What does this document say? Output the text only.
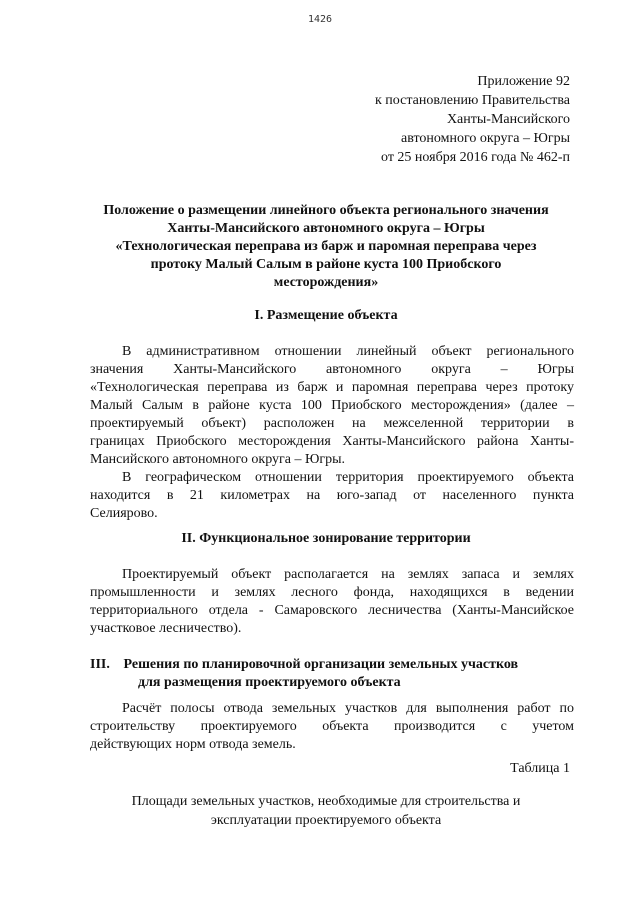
1426
Приложение 92
к постановлению Правительства
Ханты-Мансийского
автономного округа – Югры
от 25 ноября 2016 года № 462-п
Положение о размещении линейного объекта регионального значения
Ханты-Мансийского автономного округа – Югры
«Технологическая переправа из барж и паромная переправа через
протоку Малый Салым в районе куста 100 Приобского
месторождения»
I. Размещение объекта
В административном отношении линейный объект регионального
значения Ханты-Мансийского автономного округа – Югры
«Технологическая переправа из барж и паромная переправа через протоку
Малый Салым в районе куста 100 Приобского месторождения» (далее –
проектируемый объект) расположен на межселенной территории в
границах Приобского месторождения Ханты-Мансийского района Ханты-
Мансийского автономного округа – Югры.
В географическом отношении территория проектируемого объекта
находится в 21 километрах на юго-запад от населенного пункта
Селиярово.
II. Функциональное зонирование территории
Проектируемый объект располагается на землях запаса и землях
промышленности и землях лесного фонда, находящихся в ведении
территориального отдела - Самаровского лесничества (Ханты-Мансийское
участковое лесничество).
III. Решения по планировочной организации земельных участков
для размещения проектируемого объекта
Расчёт полосы отвода земельных участков для выполнения работ по
строительству проектируемого объекта производится с учетом
действующих норм отвода земель.
Таблица 1
Площади земельных участков, необходимые для строительства и
эксплуатации проектируемого объекта
